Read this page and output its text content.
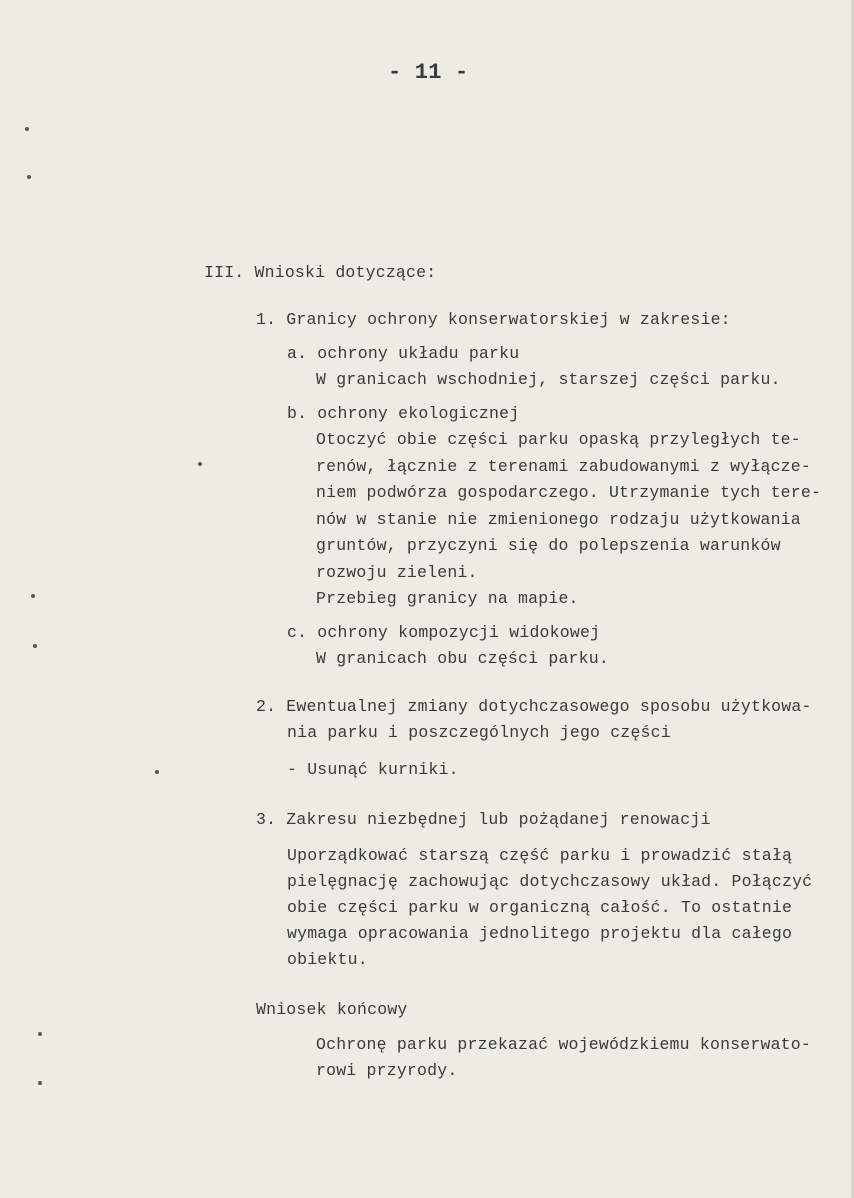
- 11 -
III. Wnioski dotyczące:
1. Granicy ochrony konserwatorskiej w zakresie:
a. ochrony układu parku
W granicach wschodniej, starszej części parku.
b. ochrony ekologicznej
Otoczyć obie części parku opaską przyległych te-
renów, łącznie z terenami zabudowanymi z wyłącze-
niem podwórza gospodarczego. Utrzymanie tych tere-
nów w stanie nie zmienionego rodzaju użytkowania
gruntów, przyczyni się do polepszenia warunków
rozwoju zieleni.
Przebieg granicy na mapie.
c. ochrony kompozycji widokowej
W granicach obu części parku.
2. Ewentualnej zmiany dotychczasowego sposobu użytkowa-
nia parku i poszczególnych jego części
- Usunąć kurniki.
3. Zakresu niezbędnej lub pożądanej renowacji
Uporządkować starszą część parku i prowadzić stałą
pielęgnację zachowując dotychczasowy układ. Połączyć
obie części parku w organiczną całość. To ostatnie
wymaga opracowania jednolitego projektu dla całego
obiektu.
Wniosek końcowy
Ochronę parku przekazać wojewódzkiemu konserwato-
rowi przyrody.
